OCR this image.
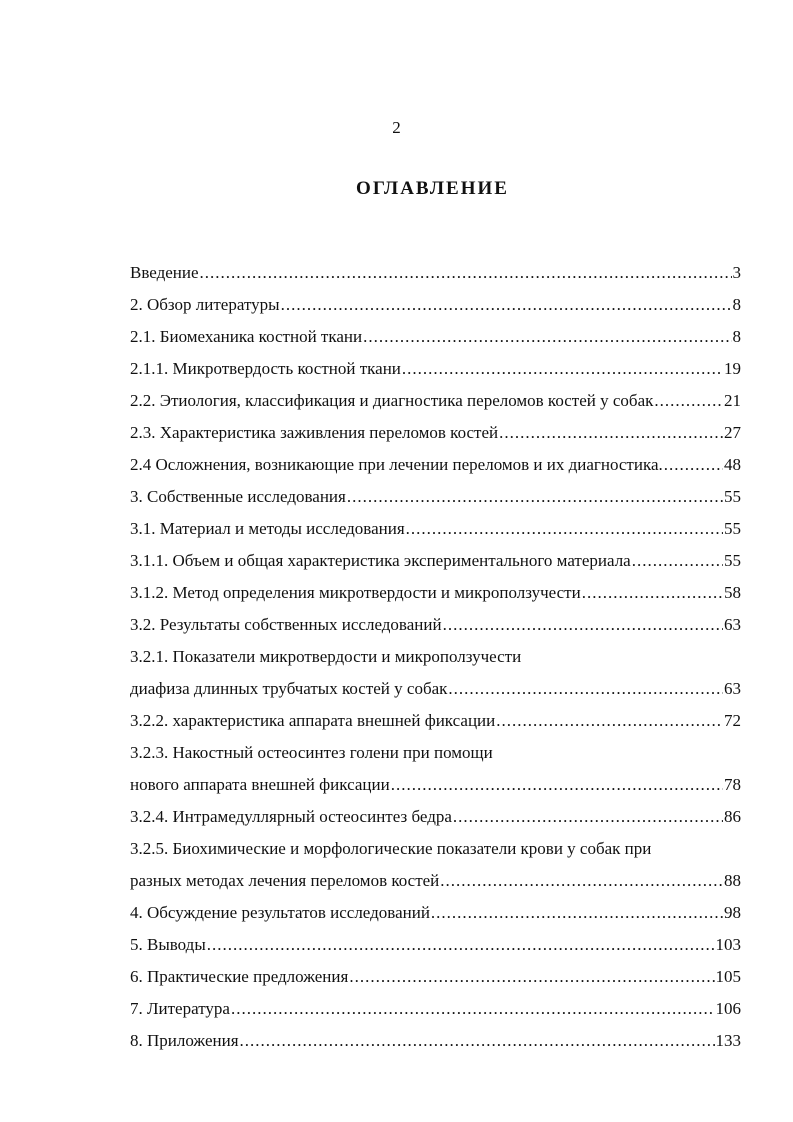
2
ОГЛАВЛЕНИЕ
Введение .....	3
2. Обзор литературы .....	8
2.1. Биомеханика костной ткани .....	8
2.1.1. Микротвердость костной ткани .....	19
2.2. Этиология, классификация и диагностика переломов костей у собак .....	21
2.3. Характеристика заживления переломов костей .....	27
2.4 Осложнения, возникающие при лечении переломов и их диагностика. .....	48
3. Собственные исследования .....	55
3.1. Материал и методы исследования .....	55
3.1.1. Объем и общая характеристика экспериментального материала .....	55
3.1.2. Метод определения микротвердости и микроползучести .....	58
3.2. Результаты собственных исследований .....	63
3.2.1. Показатели микротвердости и микроползучести
диафиза длинных трубчатых костей у собак .....	63
3.2.2. характеристика аппарата внешней фиксации .....	72
3.2.3. Накостный остеосинтез голени при помощи
нового аппарата внешней фиксации .....	78
3.2.4. Интрамедуллярный остеосинтез бедра .....	86
3.2.5. Биохимические и морфологические показатели крови у собак при
разных методах лечения переломов костей .....	88
4. Обсуждение результатов исследований .....	98
5. Выводы .....	103
6. Практические предложения .....	105
7. Литература .....	106
8. Приложения .....	133
